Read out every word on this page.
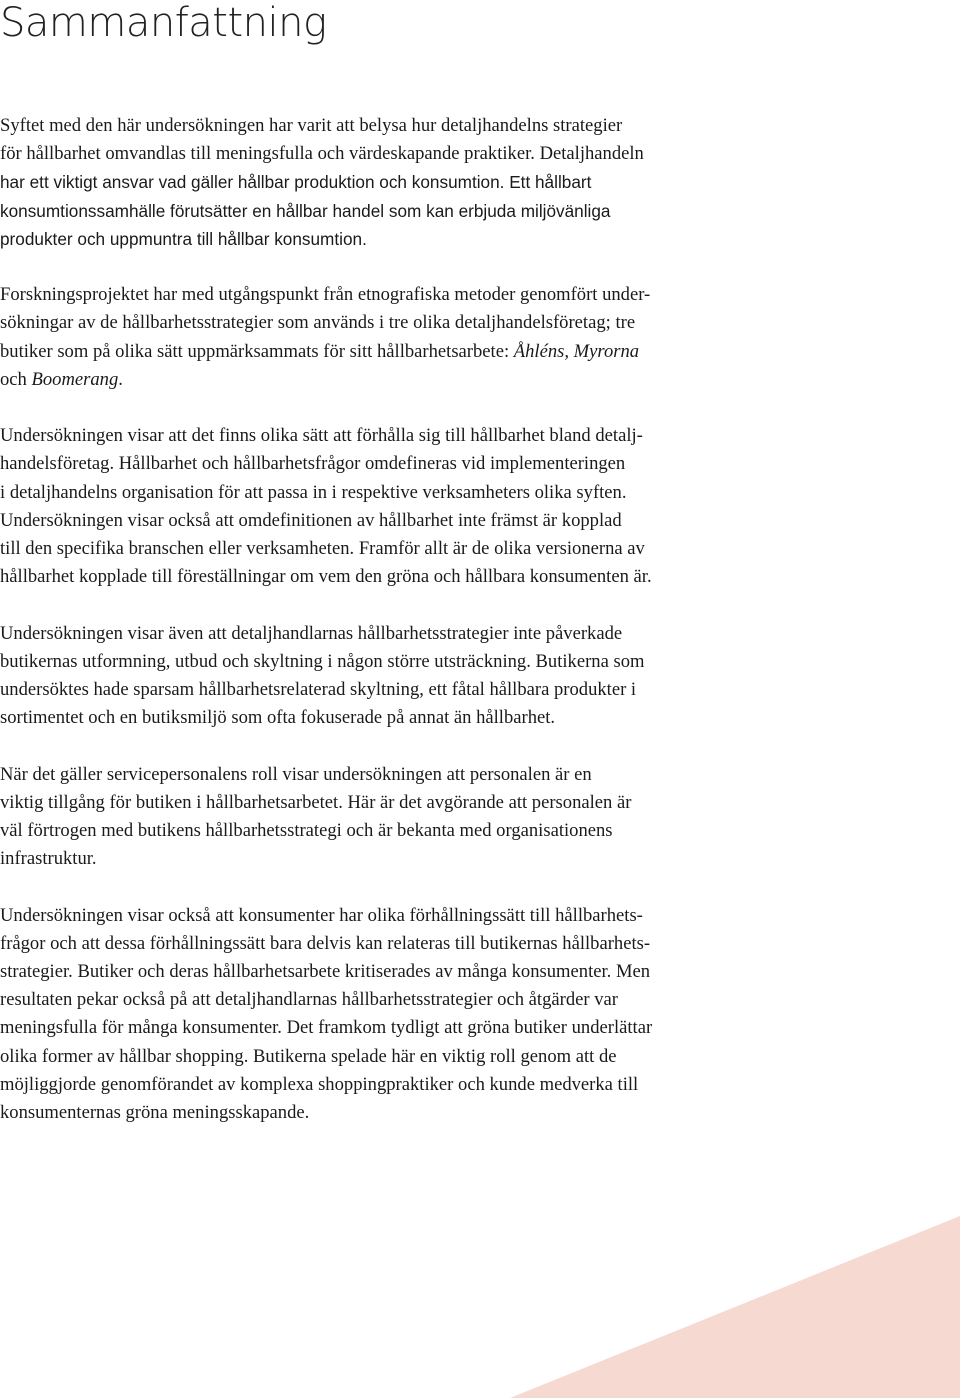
Sammanfattning

Syftet med den här undersökningen har varit att belysa hur detaljhandelns strategier
för hållbarhet omvandlas till meningsfulla och värdeskapande praktiker. Detaljhandeln
har ett viktigt ansvar vad gäller hållbar produktion och konsumtion. Ett hållbart
konsumtionssamhälle förutsätter en hållbar handel som kan erbjuda miljövänliga
produkter och uppmuntra till hållbar konsumtion.

Forskningsprojektet har med utgångspunkt från etnografiska metoder genomfört under-
sökningar av de hållbarhetsstrategier som används i tre olika detaljhandelsföretag; tre
butiker som på olika sätt uppmärksammats för sitt hållbarhetsarbete: Åhléns, Myrorna
och Boomerang.

Undersökningen visar att det finns olika sätt att förhålla sig till hållbarhet bland detalj-
handelsföretag. Hållbarhet och hållbarhetsfrågor omdefineras vid implementeringen
i detaljhandelns organisation för att passa in i respektive verksamheters olika syften.
Undersökningen visar också att omdefinitionen av hållbarhet inte främst är kopplad
till den specifika branschen eller verksamheten. Framför allt är de olika versionerna av
hållbarhet kopplade till föreställningar om vem den gröna och hållbara konsumenten är.

Undersökningen visar även att detaljhandlarnas hållbarhetsstrategier inte påverkade
butikernas utformning, utbud och skyltning i någon större utsträckning. Butikerna som
undersöktes hade sparsam hållbarhetsrelaterad skyltning, ett fåtal hållbara produkter i
sortimentet och en butiksmiljö som ofta fokuserade på annat än hållbarhet.

När det gäller servicepersonalens roll visar undersökningen att personalen är en
viktig tillgång för butiken i hållbarhetsarbetet. Här är det avgörande att personalen är
väl förtrogen med butikens hållbarhetsstrategi och är bekanta med organisationens
infrastruktur.

Undersökningen visar också att konsumenter har olika förhållningssätt till hållbarhets-
frågor och att dessa förhållningssätt bara delvis kan relateras till butikernas hållbarhets-
strategier. Butiker och deras hållbarhetsarbete kritiserades av många konsumenter. Men
resultaten pekar också på att detaljhandlarnas hållbarhetsstrategier och åtgärder var
meningsfulla för många konsumenter. Det framkom tydligt att gröna butiker underlättar
olika former av hållbar shopping. Butikerna spelade här en viktig roll genom att de
möjliggjorde genomförandet av komplexa shoppingpraktiker och kunde medverka till
konsumenternas gröna meningsskapande.
